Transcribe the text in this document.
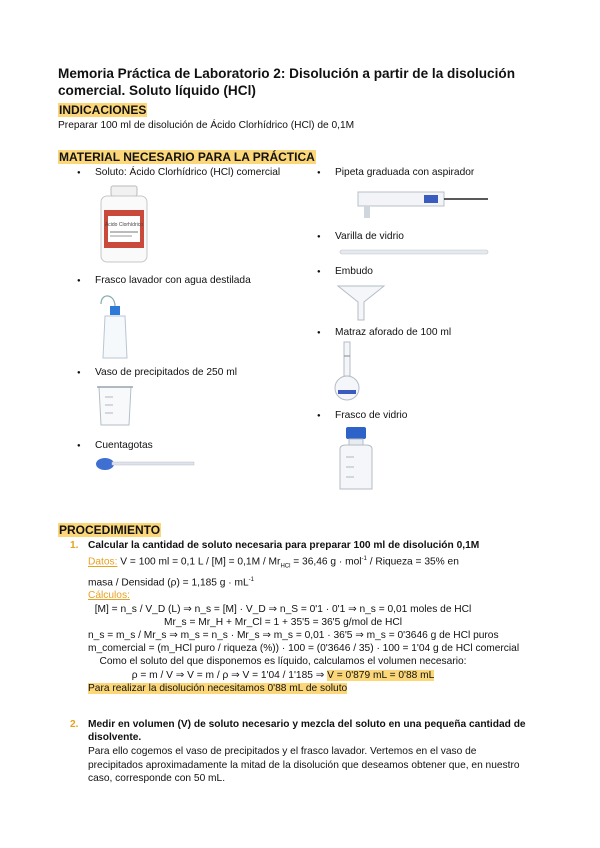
Memoria Práctica de Laboratorio 2: Disolución a partir de la disolución comercial. Soluto líquido (HCl)
INDICACIONES
Preparar 100 ml de disolución de Ácido Clorhídrico (HCl) de 0,1M
MATERIAL NECESARIO PARA LA PRÁCTICA
● Soluto: Ácido Clorhídrico (HCl) comercial
● Frasco lavador con agua destilada
● Vaso de precipitados de 250 ml
● Cuentagotas
● Pipeta graduada con aspirador
● Varilla de vidrio
● Embudo
● Matraz aforado de 100 ml
● Frasco de vidrio
Ácido Clorhídrico
PROCEDIMIENTO
1. Calcular la cantidad de soluto necesaria para preparar 100 ml de disolución 0,1M
Datos: V = 100 ml = 0,1 $L / [M] = 0,1M / Mr_{HCl} = 36,46$ g · mol$^{-1}$ / Riqueza = 35% en
masa / Densidad (ρ) = 1,185 $g \cdot mL^{-1}$
Cálculos:
[M] = n_s / V_D (L) ⇒ n_s = [M] · V_D ⇒ n_S = 0'1 · 0'1 ⇒ n_s = 0,01 moles de HCl
Mr_s = Mr_H + Mr_Cl = 1 + 35'5 = 36'5 g/mol de HCl
n_s = m_s / Mr_s ⇒ m_s = n_s · Mr_s ⇒ m_s = 0,01 · 36'5 ⇒ m_s = 0'3646 g de HCl puros
m_comercial = (m_HCl puro / riqueza (%)) · 100 = (0'3646 / 35) · 100 = 1'04 g de HCl comercial
Como el soluto del que disponemos es líquido, calculamos el volumen necesario:
ρ = m / V ⇒ V = m / ρ ⇒ V = 1'04 / 1'185 ⇒ V = 0'879 mL = 0'88 mL
Para realizar la disolución necesitamos 0'88 mL de soluto
2. Medir en volumen (V) de soluto necesario y mezcla del soluto en una pequeña cantidad de disolvente.
Para ello cogemos el vaso de precipitados y el frasco lavador. Vertemos en el vaso de precipitados aproximadamente la mitad de la disolución que deseamos obtener que, en nuestro caso, corresponde con 50 mL.
